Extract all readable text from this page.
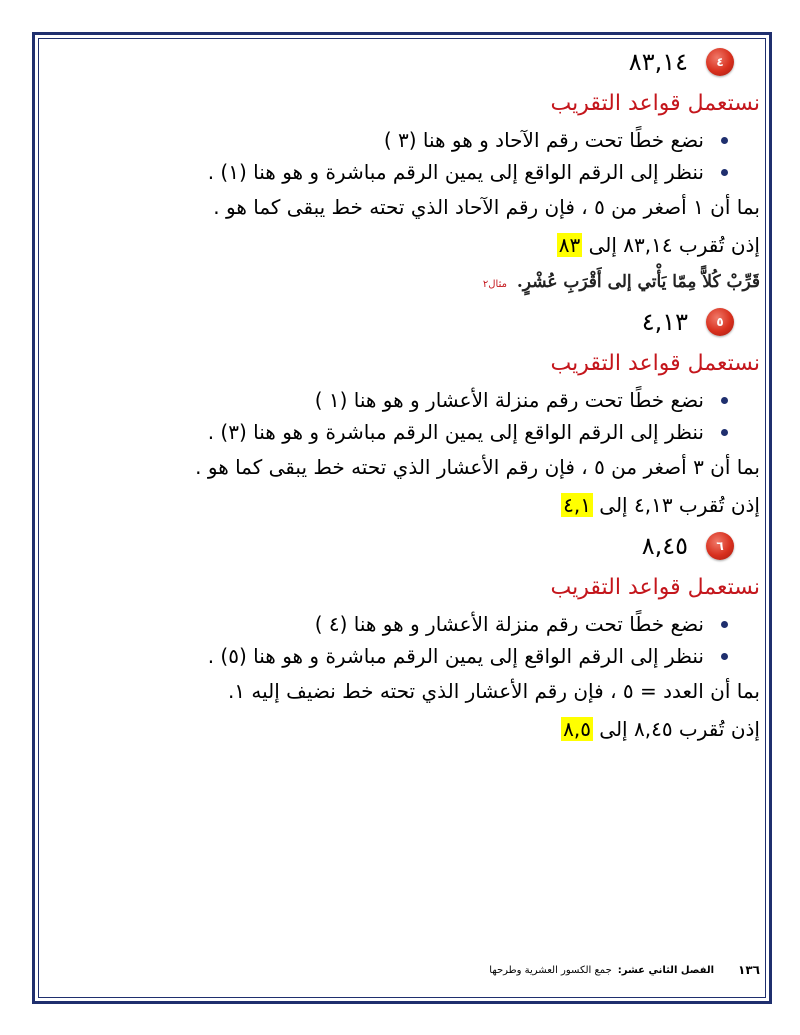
٤
٨٣,١٤
نستعمل قواعد التقريب
نضع خطًا تحت رقم الآحاد و هو هنا (٣ )
ننظر إلى الرقم الواقع إلى يمين الرقم مباشرة و هو هنا (١) .
بما أن ١ أصغر من ٥ ، فإن رقم الآحاد الذي تحته خط يبقى كما هو .
إذن تُقرب ٨٣,١٤ إلى ٨٣
قَرِّبْ كُلاًّ مِمّا يَأْتي إلى أَقْرَبِ عُشْرٍ. مثال٢
٥
٤,١٣
نستعمل قواعد التقريب
نضع خطًا تحت رقم منزلة الأعشار و هو هنا (١ )
ننظر إلى الرقم الواقع إلى يمين الرقم مباشرة و هو هنا (٣) .
بما أن ٣ أصغر من ٥ ، فإن رقم الأعشار الذي تحته خط يبقى كما هو .
إذن تُقرب ٤,١٣ إلى ٤,١
٦
٨,٤٥
نستعمل قواعد التقريب
نضع خطًا تحت رقم منزلة الأعشار و هو هنا (٤ )
ننظر إلى الرقم الواقع إلى يمين الرقم مباشرة و هو هنا (٥) .
بما أن العدد = ٥ ، فإن رقم الأعشار الذي تحته خط نضيف إليه ١.
إذن تُقرب ٨,٤٥ إلى ٨,٥
١٣٦
الفصل الثاني عشر:
جمع الكسور العشرية وطرحها
